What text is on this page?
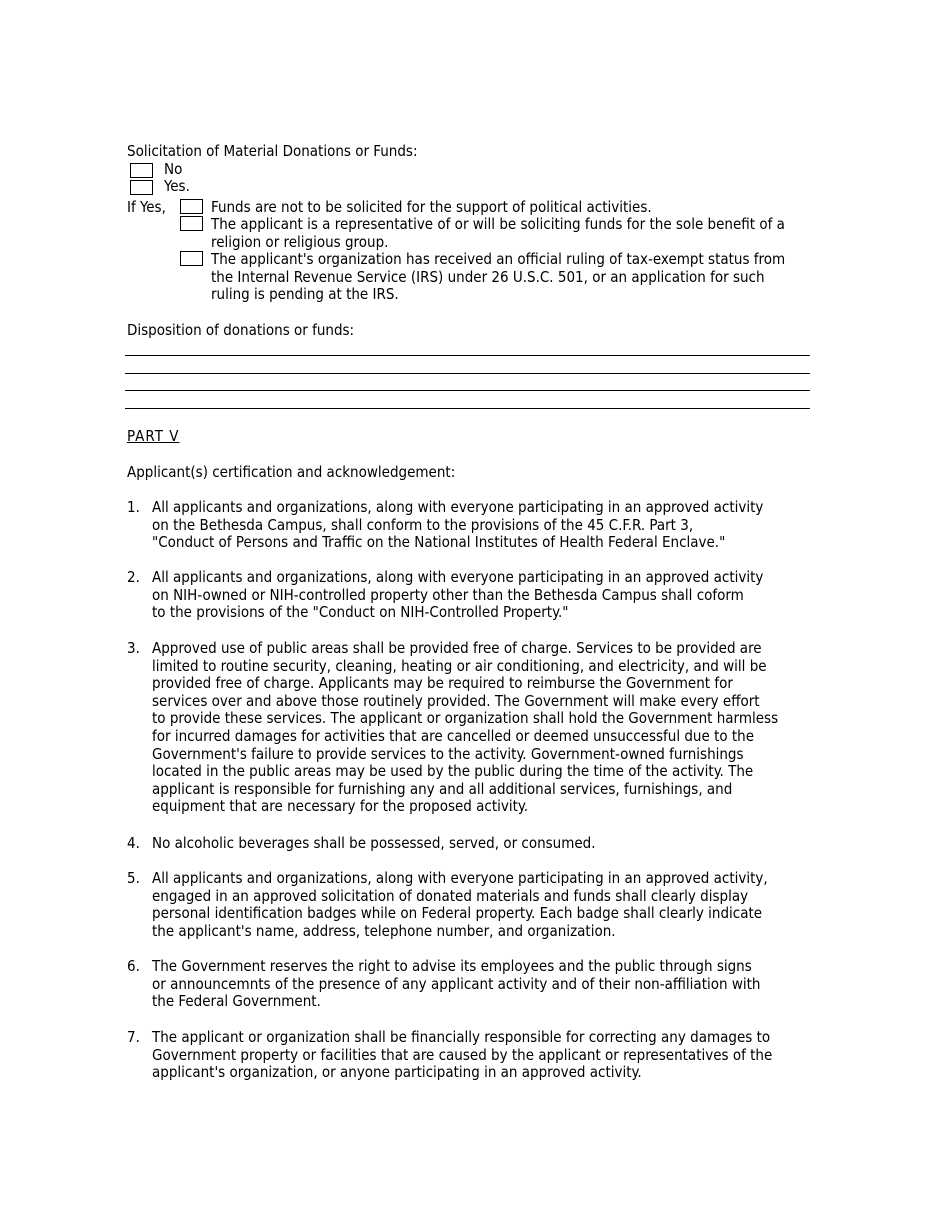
Solicitation of Material Donations or Funds:
No
Yes.
If Yes,	Funds are not to be solicited for the support of political activities.
The applicant is a representative of or will be soliciting funds for the sole benefit of a
religion or religious group.
The applicant's organization has received an official ruling of tax-exempt status from
the Internal Revenue Service (IRS) under 26 U.S.C. 501, or an application for such
ruling is pending at the IRS.
Disposition of donations or funds:
PART V
Applicant(s) certification and acknowledgement:
1. All applicants and organizations, along with everyone participating in an approved activity
on the Bethesda Campus, shall conform to the provisions of the 45 C.F.R. Part 3,
"Conduct of Persons and Traffic on the National Institutes of Health Federal Enclave."
2. All applicants and organizations, along with everyone participating in an approved activity
on NIH-owned or NIH-controlled property other than the Bethesda Campus shall coform
to the provisions of the "Conduct on NIH-Controlled Property."
3. Approved use of public areas shall be provided free of charge. Services to be provided are
limited to routine security, cleaning, heating or air conditioning, and electricity, and will be
provided free of charge. Applicants may be required to reimburse the Government for
services over and above those routinely provided. The Government will make every effort
to provide these services. The applicant or organization shall hold the Government harmless
for incurred damages for activities that are cancelled or deemed unsuccessful due to the
Government's failure to provide services to the activity. Government-owned furnishings
located in the public areas may be used by the public during the time of the activity. The
applicant is responsible for furnishing any and all additional services, furnishings, and
equipment that are necessary for the proposed activity.
4. No alcoholic beverages shall be possessed, served, or consumed.
5. All applicants and organizations, along with everyone participating in an approved activity,
engaged in an approved solicitation of donated materials and funds shall clearly display
personal identification badges while on Federal property. Each badge shall clearly indicate
the applicant's name, address, telephone number, and organization.
6. The Government reserves the right to advise its employees and the public through signs
or announcemnts of the presence of any applicant activity and of their non-affiliation with
the Federal Government.
7. The applicant or organization shall be financially responsible for correcting any damages to
Government property or facilities that are caused by the applicant or representatives of the
applicant's organization, or anyone participating in an approved activity.
